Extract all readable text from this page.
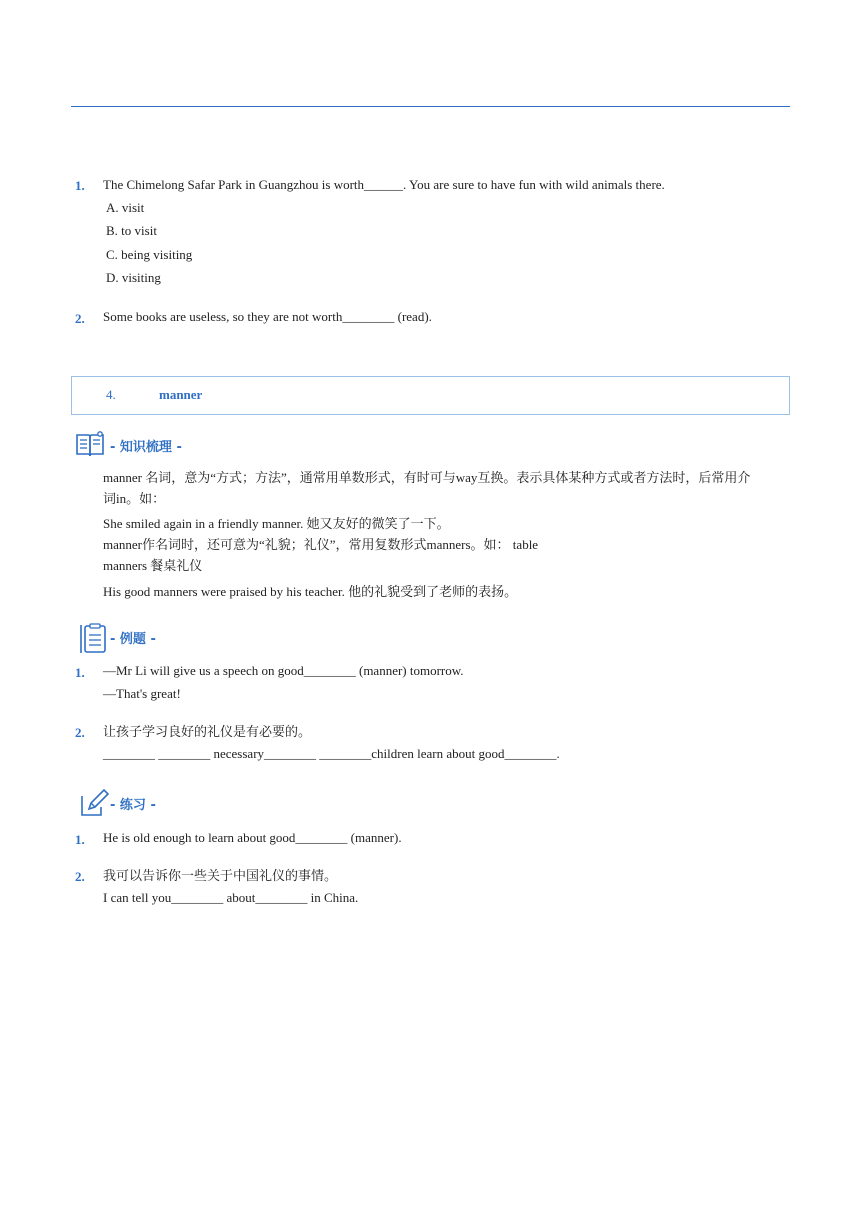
1. The Chimelong Safar Park in Guangzhou is worth______. You are sure to have fun with wild animals there.
A. visit
B. to visit
C. being visiting
D. visiting
2. Some books are useless, so they are not worth________ (read).
4.	manner
- 知识梳理 -
manner 名词，意为“方式；方法”，通常用单数形式，有时可与way互换。表示具体某种方式或者方法时，后常用介
词in。如：
She smiled again in a friendly manner. 她又友好的微笑了一下。
manner作名词时，还可意为“礼貌；礼仪”，常用复数形式manners。如： table
manners 餐桌礼仪
His good manners were praised by his teacher. 他的礼貌受到了老师的表扬。
- 例题 -
1. —Mr Li will give us a speech on good________ (manner) tomorrow.
—That's great!
2. 让孩子学习良好的礼仪是有必要的。
________ ________ necessary________ ________children learn about good________.
- 练习 -
1. He is old enough to learn about good________ (manner).
2. 我可以告诉你一些关于中国礼仪的事情。
I can tell you________ about________ in China.
